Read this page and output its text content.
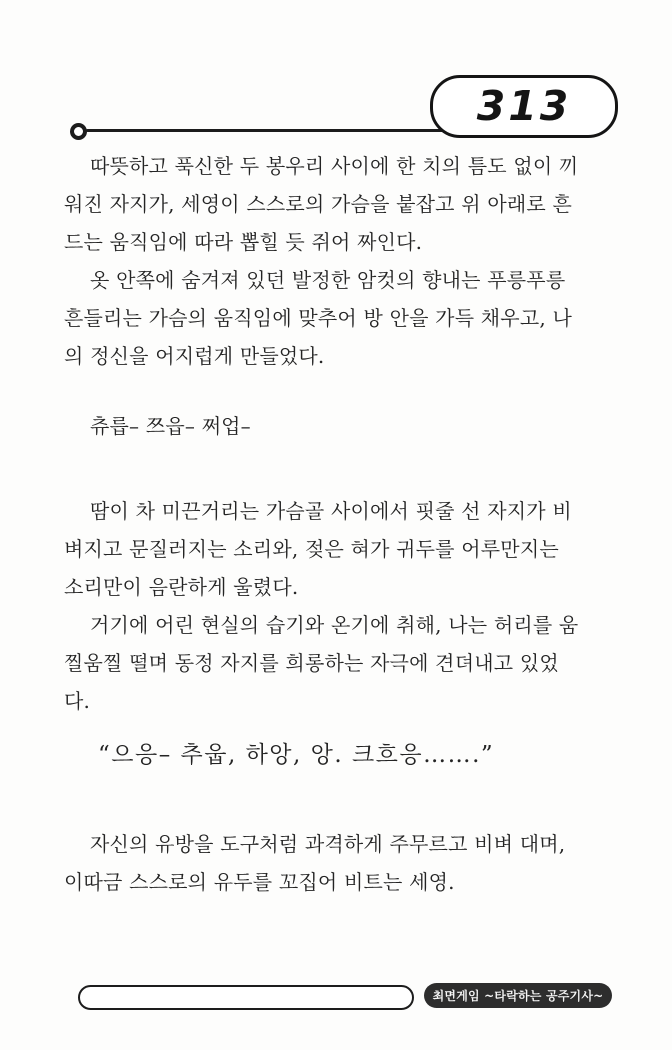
313
따뜻하고 푹신한 두 봉우리 사이에 한 치의 틈도 없이 끼
워진 자지가, 세영이 스스로의 가슴을 붙잡고 위 아래로 흔
드는 움직임에 따라 뽑힐 듯 쥐어 짜인다.
옷 안쪽에 숨겨져 있던 발정한 암컷의 향내는 푸릉푸릉
흔들리는 가슴의 움직임에 맞추어 방 안을 가득 채우고, 나
의 정신을 어지럽게 만들었다.
츄릅– 쯔읍– 쩌업–
땀이 차 미끈거리는 가슴골 사이에서 핏줄 선 자지가 비
벼지고 문질러지는 소리와, 젖은 혀가 귀두를 어루만지는
소리만이 음란하게 울렸다.
거기에 어린 현실의 습기와 온기에 취해, 나는 허리를 움
찔움찔 떨며 동정 자지를 희롱하는 자극에 견뎌내고 있었
다.
“으응– 추웁, 하앙, 앙. 크흐응…….”
자신의 유방을 도구처럼 과격하게 주무르고 비벼 대며,
이따금 스스로의 유두를 꼬집어 비트는 세영.
최면게임 ~타락하는 공주기사~
